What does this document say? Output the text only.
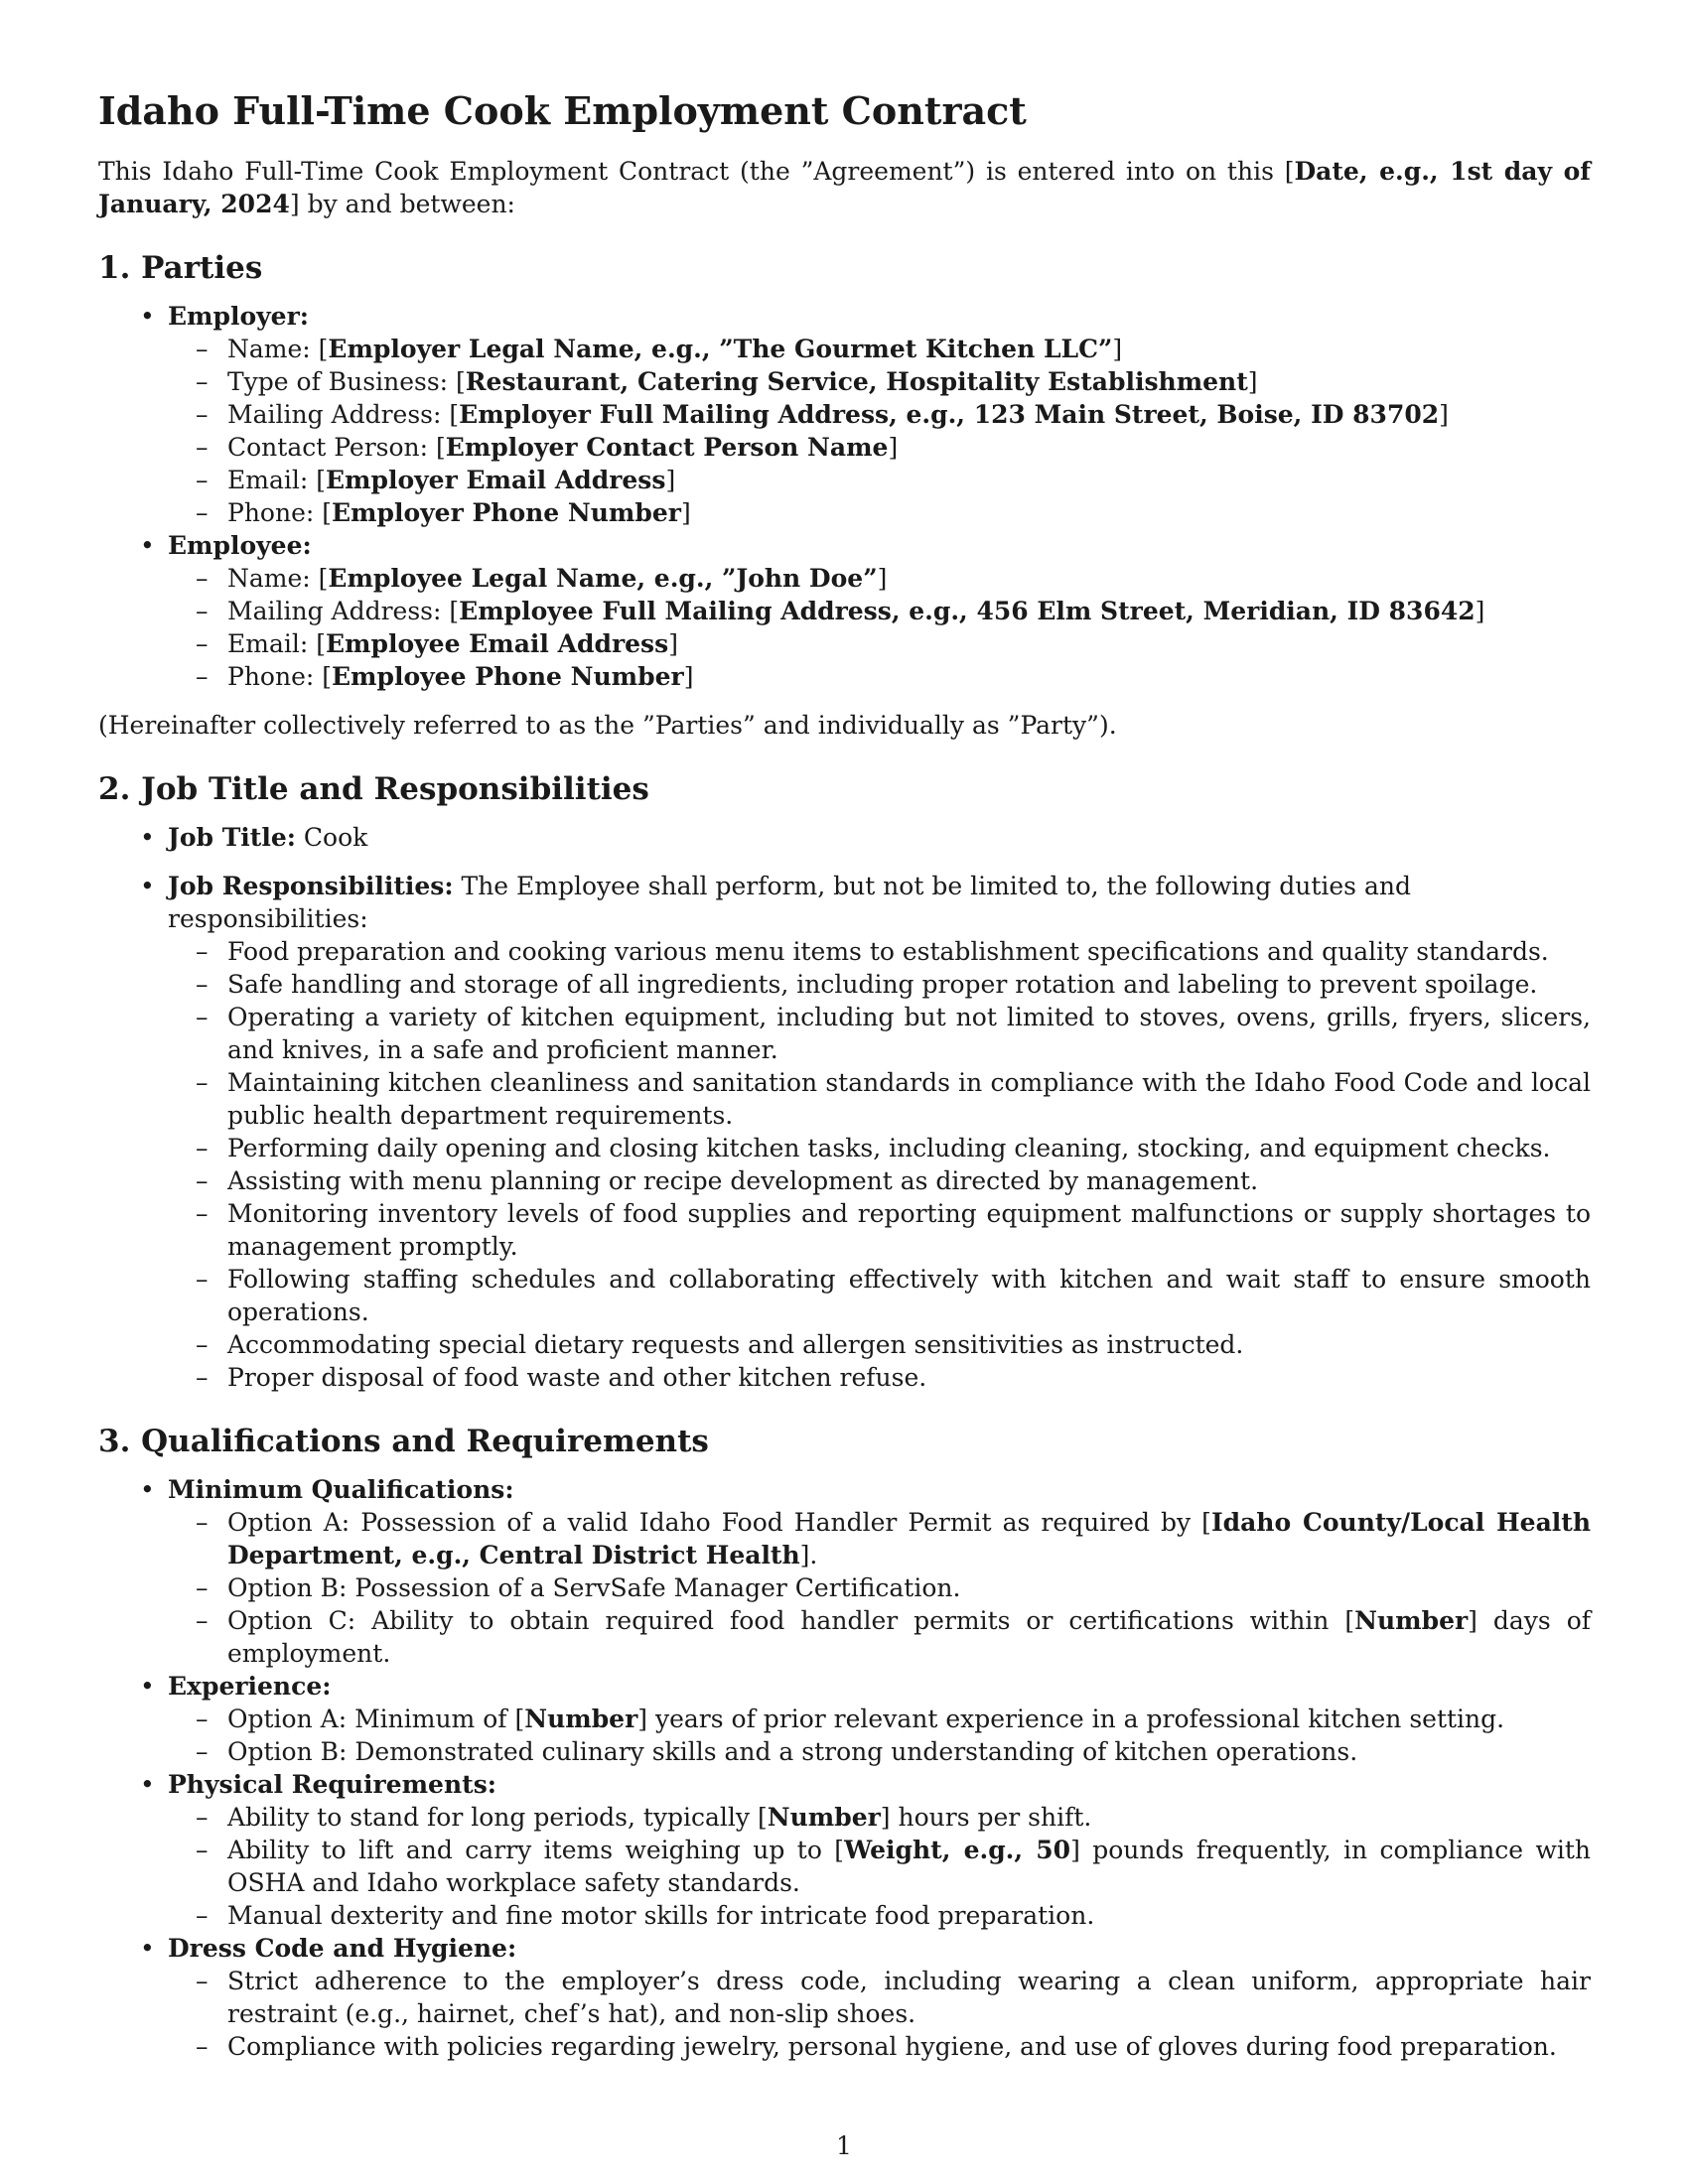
Idaho Full-Time Cook Employment Contract

This Idaho Full-Time Cook Employment Contract (the ”Agreement”) is entered into on this [Date, e.g., 1st day of January, 2024] by and between:

1. Parties
• Employer:
– Name: [Employer Legal Name, e.g., ”The Gourmet Kitchen LLC”]
– Type of Business: [Restaurant, Catering Service, Hospitality Establishment]
– Mailing Address: [Employer Full Mailing Address, e.g., 123 Main Street, Boise, ID 83702]
– Contact Person: [Employer Contact Person Name]
– Email: [Employer Email Address]
– Phone: [Employer Phone Number]
• Employee:
– Name: [Employee Legal Name, e.g., ”John Doe”]
– Mailing Address: [Employee Full Mailing Address, e.g., 456 Elm Street, Meridian, ID 83642]
– Email: [Employee Email Address]
– Phone: [Employee Phone Number]

(Hereinafter collectively referred to as the ”Parties” and individually as ”Party”).

2. Job Title and Responsibilities
• Job Title: Cook
• Job Responsibilities: The Employee shall perform, but not be limited to, the following duties and responsibilities:
– Food preparation and cooking various menu items to establishment specifications and quality standards.
– Safe handling and storage of all ingredients, including proper rotation and labeling to prevent spoilage.
– Operating a variety of kitchen equipment, including but not limited to stoves, ovens, grills, fryers, slicers, and knives, in a safe and proficient manner.
– Maintaining kitchen cleanliness and sanitation standards in compliance with the Idaho Food Code and local public health department requirements.
– Performing daily opening and closing kitchen tasks, including cleaning, stocking, and equipment checks.
– Assisting with menu planning or recipe development as directed by management.
– Monitoring inventory levels of food supplies and reporting equipment malfunctions or supply shortages to management promptly.
– Following staffing schedules and collaborating effectively with kitchen and wait staff to ensure smooth operations.
– Accommodating special dietary requests and allergen sensitivities as instructed.
– Proper disposal of food waste and other kitchen refuse.
3. Qualifications and Requirements
• Minimum Qualifications:
– Option A: Possession of a valid Idaho Food Handler Permit as required by [Idaho County/Local Health Department, e.g., Central District Health].
– Option B: Possession of a ServSafe Manager Certification.
– Option C: Ability to obtain required food handler permits or certifications within [Number] days of employment.
• Experience:
– Option A: Minimum of [Number] years of prior relevant experience in a professional kitchen setting.
– Option B: Demonstrated culinary skills and a strong understanding of kitchen operations.
• Physical Requirements:
– Ability to stand for long periods, typically [Number] hours per shift.
– Ability to lift and carry items weighing up to [Weight, e.g., 50] pounds frequently, in compliance with OSHA and Idaho workplace safety standards.
– Manual dexterity and fine motor skills for intricate food preparation.
• Dress Code and Hygiene:
– Strict adherence to the employer’s dress code, including wearing a clean uniform, appropriate hair restraint (e.g., hairnet, chef’s hat), and non-slip shoes.
– Compliance with policies regarding jewelry, personal hygiene, and use of gloves during food preparation.
1
